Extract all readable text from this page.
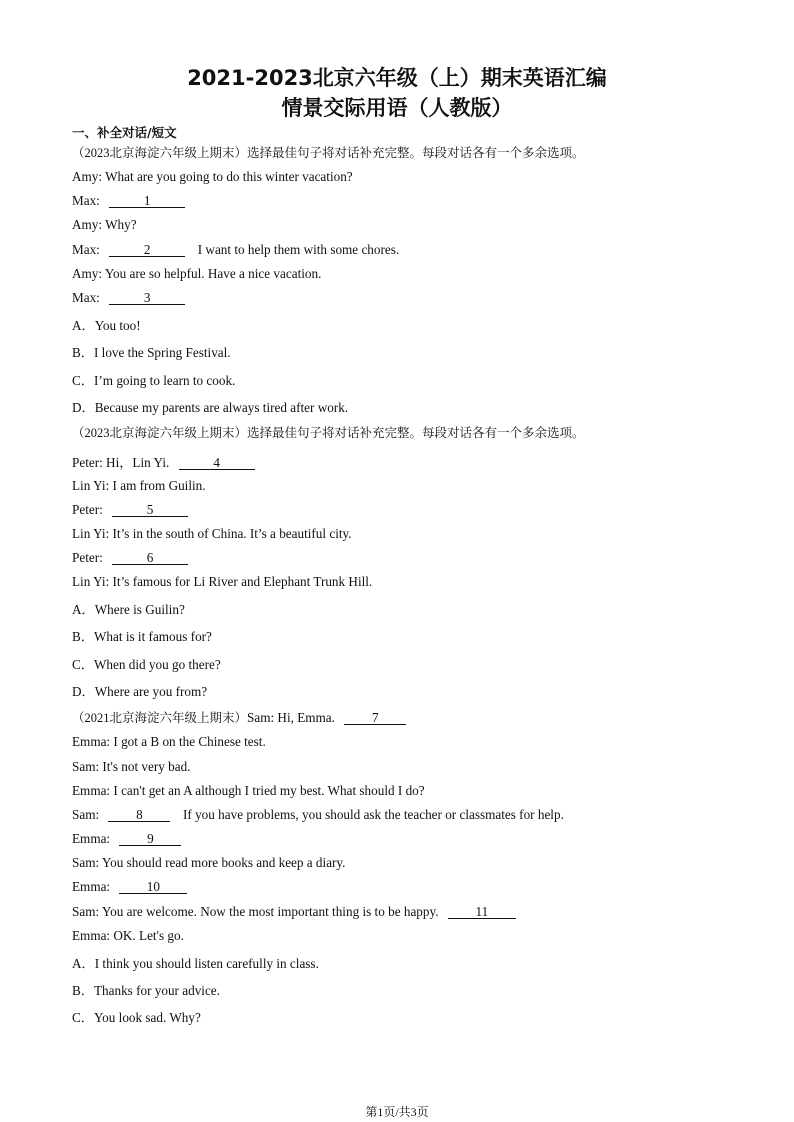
2021-2023北京六年级（上）期末英语汇编
情景交际用语（人教版）
一、补全对话/短文
（2023北京海淀六年级上期末）选择最佳句子将对话补充完整。每段对话各有一个多余选项。
Amy: What are you going to do this winter vacation?
Max:	1
Amy: Why?
Max:	2	I want to help them with some chores.
Amy: You are so helpful. Have a nice vacation.
Max:	3
A．You too!
B．I love the Spring Festival.
C．I’m going to learn to cook.
D．Because my parents are always tired after work.
（2023北京海淀六年级上期末）选择最佳句子将对话补充完整。每段对话各有一个多余选项。
Peter: Hi，Lin Yi.	4
Lin Yi: I am from Guilin.
Peter:	5
Lin Yi: It’s in the south of China. It’s a beautiful city.
Peter:	6
Lin Yi: It’s famous for Li River and Elephant Trunk Hill.
A．Where is Guilin?
B．What is it famous for?
C．When did you go there?
D．Where are you from?
（2021北京海淀六年级上期末）Sam: Hi, Emma.	7
Emma: I got a B on the Chinese test.
Sam: It's not very bad.
Emma: I can't get an A although I tried my best. What should I do?
Sam:	8	If you have problems, you should ask the teacher or classmates for help.
Emma:	9
Sam: You should read more books and keep a diary.
Emma:	10
Sam: You are welcome. Now the most important thing is to be happy.	11
Emma: OK. Let's go.
A．I think you should listen carefully in class.
B．Thanks for your advice.
C．You look sad. Why?
第1页/共3页
